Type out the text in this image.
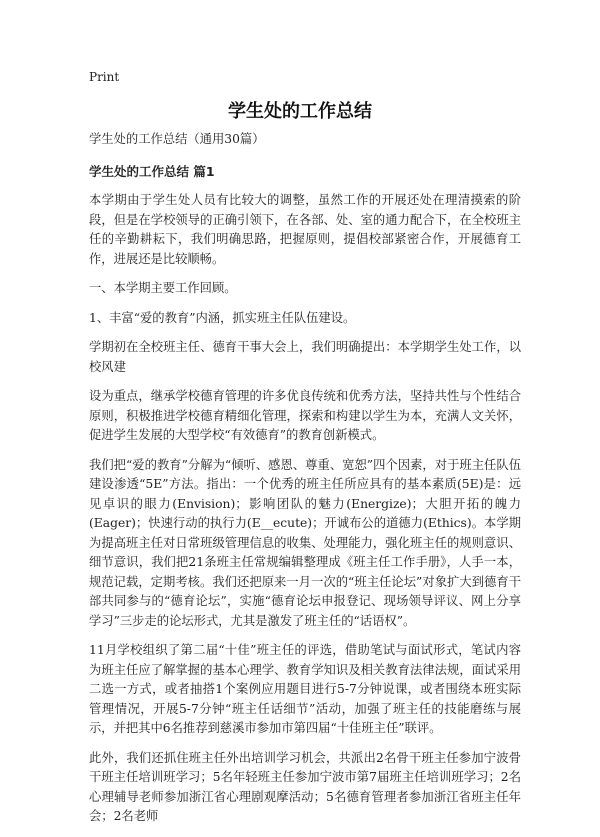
Print
学生处的工作总结

学生处的工作总结（通用30篇）

学生处的工作总结 篇1

本学期由于学生处人员有比较大的调整，虽然工作的开展还处在理清摸索的阶段，但是在学校领导的正确引领下，在各部、处、室的通力配合下，在全校班主任的辛勤耕耘下，我们明确思路，把握原则，提倡校部紧密合作，开展德育工作，进展还是比较顺畅。

一、本学期主要工作回顾。

1、丰富“爱的教育”内涵，抓实班主任队伍建设。

学期初在全校班主任、德育干事大会上，我们明确提出：本学期学生处工作，以校风建

设为重点，继承学校德育管理的许多优良传统和优秀方法，坚持共性与个性结合原则，积极推进学校德育精细化管理，探索和构建以学生为本，充满人文关怀，促进学生发展的大型学校“有效德育”的教育创新模式。

我们把“爱的教育”分解为“倾听、感恩、尊重、宽恕”四个因素，对于班主任队伍建设渗透“5E”方法。指出：一个优秀的班主任所应具有的基本素质(5E)是：远见卓识的眼力(Envision)；影响团队的魅力(Energize)；大胆开拓的魄力(Eager)；快速行动的执行力(E__ecute)；开诚布公的道德力(Ethics)。本学期为提高班主任对日常班级管理信息的收集、处理能力，强化班主任的规则意识、细节意识，我们把21条班主任常规编辑整理成《班主任工作手册》，人手一本，规范记载，定期考核。我们还把原来一月一次的“班主任论坛”对象扩大到德育干部共同参与的“德育论坛”，实施“德育论坛申报登记、现场领导评议、网上分享学习”三步走的论坛形式，尤其是激发了班主任的“话语权”。

11月学校组织了第二届“十佳”班主任的评选，借助笔试与面试形式，笔试内容为班主任应了解掌握的基本心理学、教育学知识及相关教育法律法规，面试采用二选一方式，或者抽搭1个案例应用题目进行5-7分钟说课，或者围绕本班实际管理情况，开展5-7分钟“班主任话细节”活动，加强了班主任的技能磨练与展示，并把其中6名推荐到慈溪市参加市第四届“十佳班主任”联评。

此外，我们还抓住班主任外出培训学习机会，共派出2名骨干班主任参加宁波骨干班主任培训班学习；5名年轻班主任参加宁波市第7届班主任培训班学习；2名心理辅导老师参加浙江省心理剧观摩活动；5名德育管理者参加浙江省班主任年会；2名老师
